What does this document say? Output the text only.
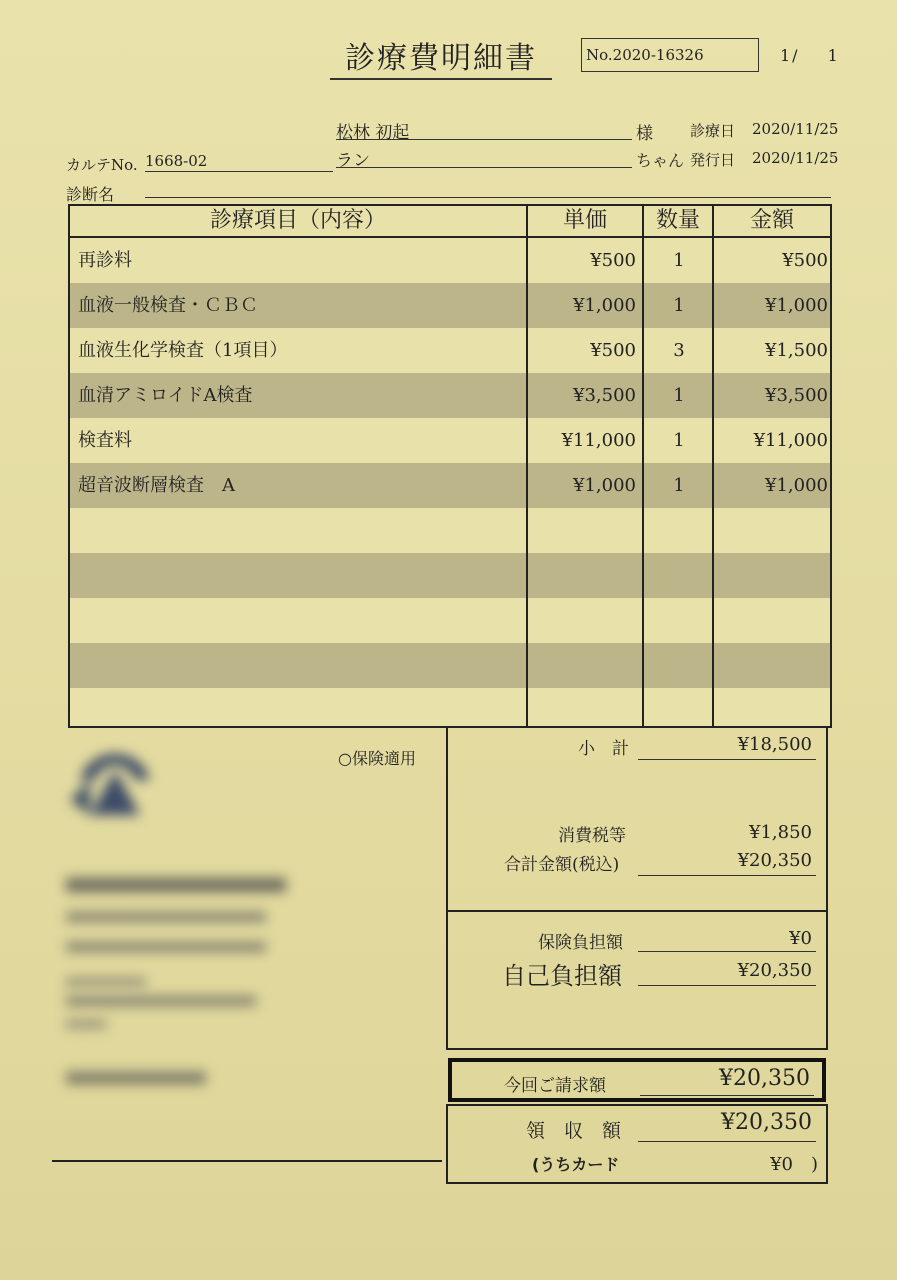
診療費明細書	No.2020-16326	1/ 1
松林 初起	様 診療日 2020/11/25
カルテNo. 1668-02	ラン	ちゃん 発行日 2020/11/25
診断名
診療項目（内容）	単価	数量	金額
再診料	¥500	1	¥500
血液一般検査・ＣＢＣ	¥1,000	1	¥1,000
血液生化学検査（1項目）	¥500	3	¥1,500
血清アミロイドA検査	¥3,500	1	¥3,500
検査料	¥11,000	1	¥11,000
超音波断層検査　A	¥1,000	1	¥1,000
○保険適用	小　計	¥18,500
消費税等	¥1,850
合計金額(税込)	¥20,350
保険負担額	¥0
自己負担額	¥20,350
今回ご請求額	¥20,350
領　収　額	¥20,350
(うちカード	¥0　)
